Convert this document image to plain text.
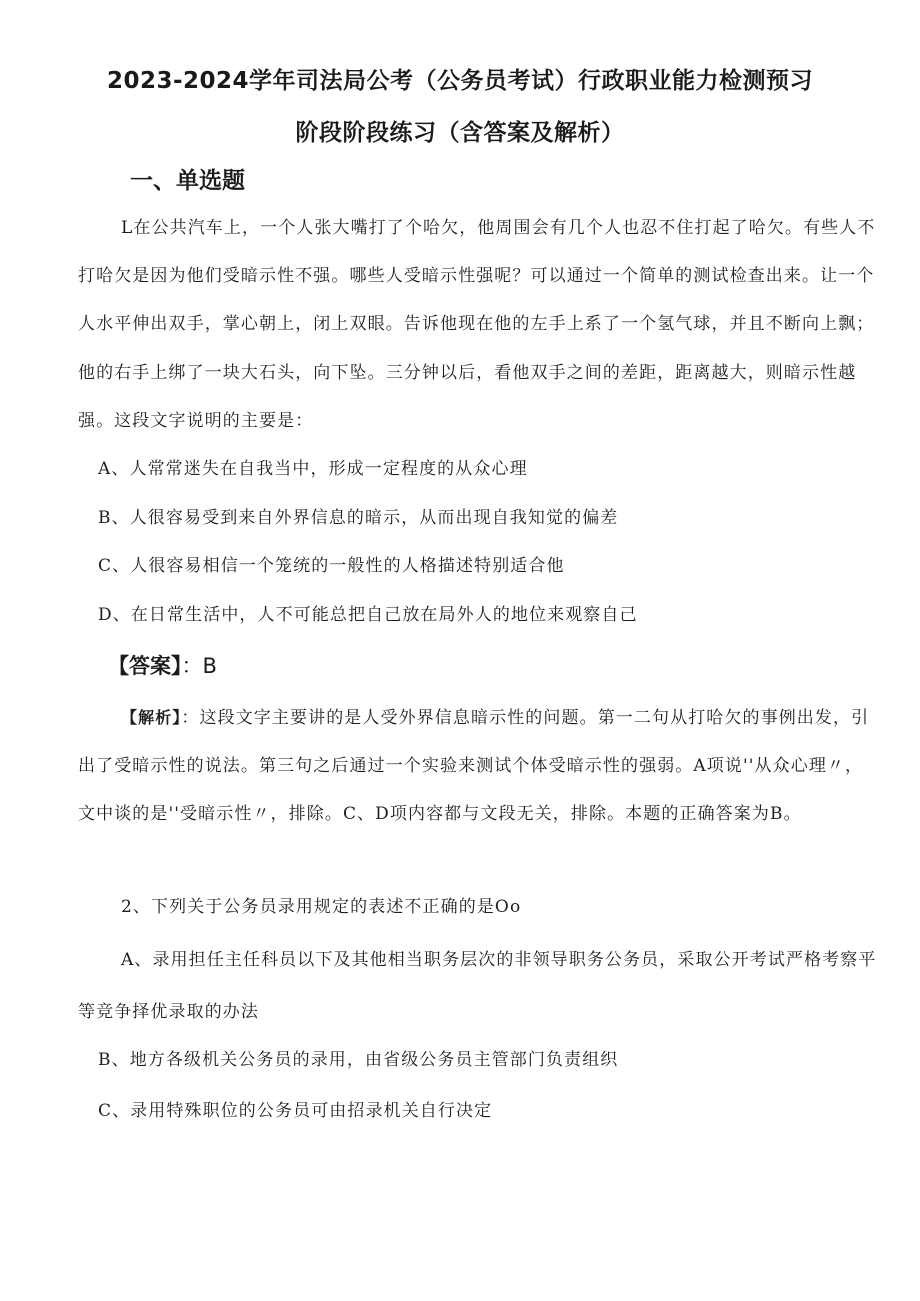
2023-2024学年司法局公考（公务员考试）行政职业能力检测预习
阶段阶段练习（含答案及解析）
一、单选题

L在公共汽车上，一个人张大嘴打了个哈欠，他周围会有几个人也忍不住打起了哈欠。有些人不打哈欠是因为他们受暗示性不强。哪些人受暗示性强呢？可以通过一个简单的测试检查出来。让一个人水平伸出双手，掌心朝上，闭上双眼。告诉他现在他的左手上系了一个氢气球，并且不断向上飘；他的右手上绑了一块大石头，向下坠。三分钟以后，看他双手之间的差距，距离越大，则暗示性越强。这段文字说明的主要是：

A、人常常迷失在自我当中，形成一定程度的从众心理
B、人很容易受到来自外界信息的暗示，从而出现自我知觉的偏差
C、人很容易相信一个笼统的一般性的人格描述特别适合他
D、在日常生活中，人不可能总把自己放在局外人的地位来观察自己
【答案】：B

【解析】：这段文字主要讲的是人受外界信息暗示性的问题。第一二句从打哈欠的事例出发，引出了受暗示性的说法。第三句之后通过一个实验来测试个体受暗示性的强弱。A项说''从众心理〃，文中谈的是''受暗示性〃，排除。C、D项内容都与文段无关，排除。本题的正确答案为B。

2、下列关于公务员录用规定的表述不正确的是Oo

A、录用担任主任科员以下及其他相当职务层次的非领导职务公务员，采取公开考试严格考察平等竞争择优录取的办法

B、地方各级机关公务员的录用，由省级公务员主管部门负责组织
C、录用特殊职位的公务员可由招录机关自行决定
